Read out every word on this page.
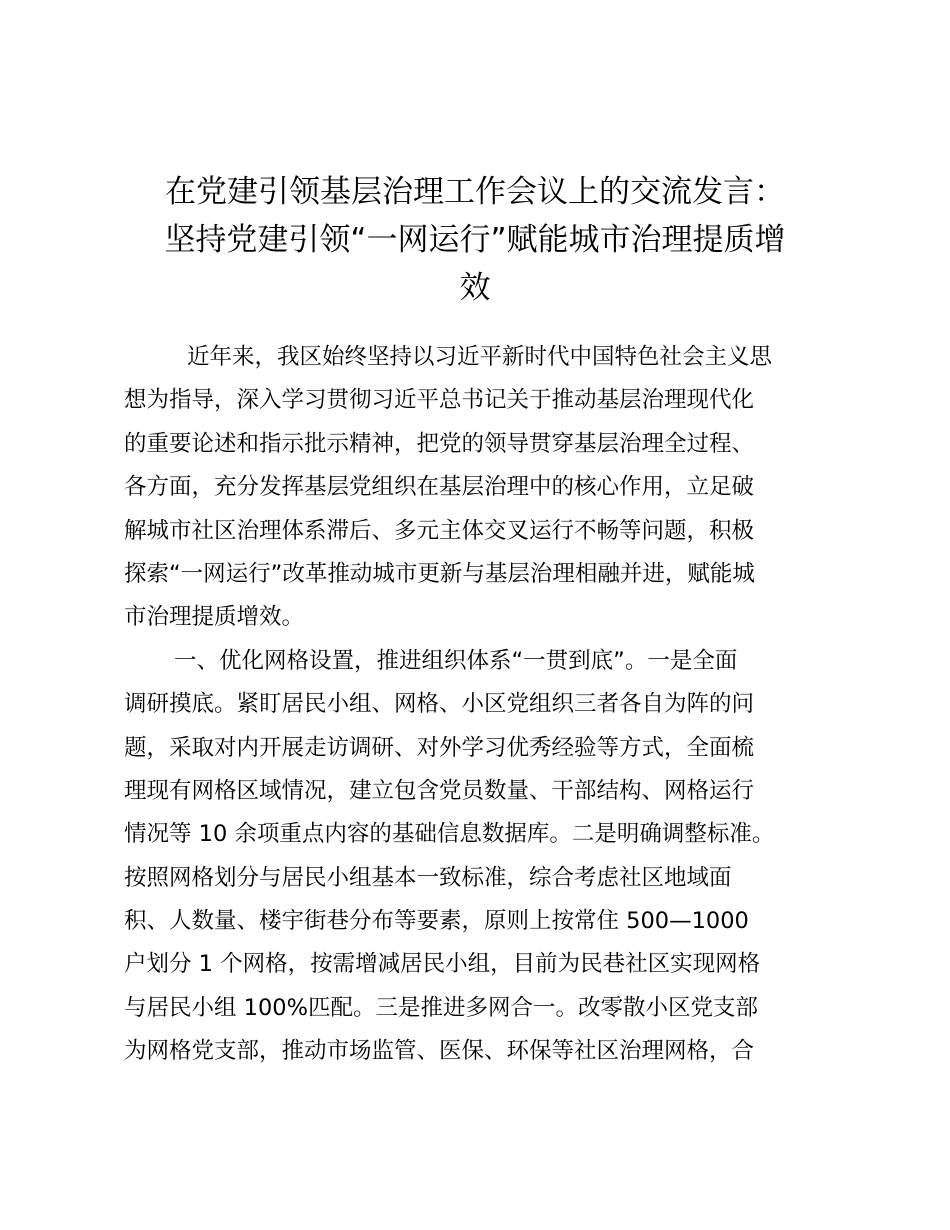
在党建引领基层治理工作会议上的交流发言：
坚持党建引领“一网运行”赋能城市治理提质增
效
近年来，我区始终坚持以习近平新时代中国特色社会主义思
想为指导，深入学习贯彻习近平总书记关于推动基层治理现代化
的重要论述和指示批示精神，把党的领导贯穿基层治理全过程、
各方面，充分发挥基层党组织在基层治理中的核心作用，立足破
解城市社区治理体系滞后、多元主体交叉运行不畅等问题，积极
探索“一网运行”改革推动城市更新与基层治理相融并进，赋能城
市治理提质增效。
一、优化网格设置，推进组织体系“一贯到底”。一是全面
调研摸底。紧盯居民小组、网格、小区党组织三者各自为阵的问
题，采取对内开展走访调研、对外学习优秀经验等方式，全面梳
理现有网格区域情况，建立包含党员数量、干部结构、网格运行
情况等 10 余项重点内容的基础信息数据库。二是明确调整标准。
按照网格划分与居民小组基本一致标准，综合考虑社区地域面
积、人数量、楼宇街巷分布等要素，原则上按常住 500—1000
户划分 1 个网格，按需增减居民小组，目前为民巷社区实现网格
与居民小组 100%匹配。三是推进多网合一。改零散小区党支部
为网格党支部，推动市场监管、医保、环保等社区治理网格，合
